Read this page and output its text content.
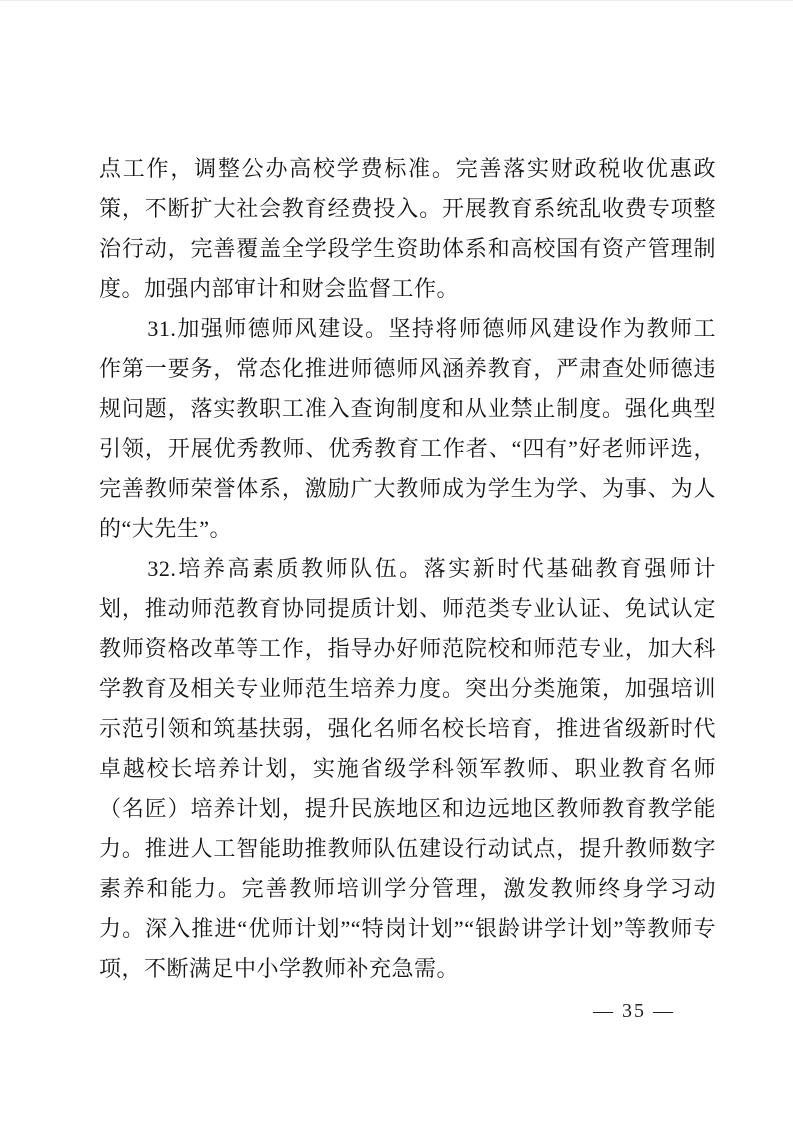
点工作，调整公办高校学费标准。完善落实财政税收优惠政策，不断扩大社会教育经费投入。开展教育系统乱收费专项整治行动，完善覆盖全学段学生资助体系和高校国有资产管理制度。加强内部审计和财会监督工作。

31.加强师德师风建设。坚持将师德师风建设作为教师工作第一要务，常态化推进师德师风涵养教育，严肃查处师德违规问题，落实教职工准入查询制度和从业禁止制度。强化典型引领，开展优秀教师、优秀教育工作者、“四有”好老师评选，完善教师荣誉体系，激励广大教师成为学生为学、为事、为人的“大先生”。

32.培养高素质教师队伍。落实新时代基础教育强师计划，推动师范教育协同提质计划、师范类专业认证、免试认定教师资格改革等工作，指导办好师范院校和师范专业，加大科学教育及相关专业师范生培养力度。突出分类施策，加强培训示范引领和筑基扶弱，强化名师名校长培育，推进省级新时代卓越校长培养计划，实施省级学科领军教师、职业教育名师（名匠）培养计划，提升民族地区和边远地区教师教育教学能力。推进人工智能助推教师队伍建设行动试点，提升教师数字素养和能力。完善教师培训学分管理，激发教师终身学习动力。深入推进“优师计划”“特岗计划”“银龄讲学计划”等教师专项，不断满足中小学教师补充急需。

— 35 —
